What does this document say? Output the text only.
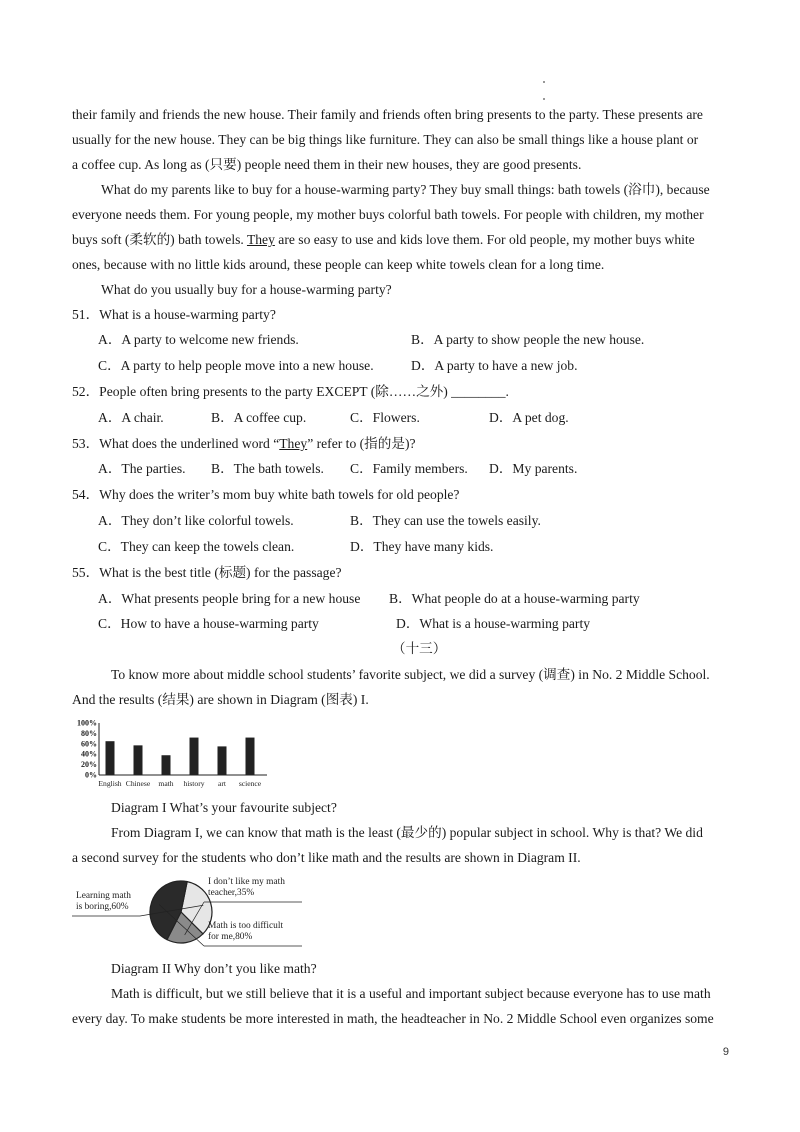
their family and friends the new house. Their family and friends often bring presents to the party. These presents are
usually for the new house. They can be big things like furniture. They can also be small things like a house plant or
a coffee cup. As long as (只要) people need them in their new houses, they are good presents.
What do my parents like to buy for a house-warming party? They buy small things: bath towels (浴巾), because
everyone needs them. For young people, my mother buys colorful bath towels. For people with children, my mother
buys soft (柔软的) bath towels. They are so easy to use and kids love them. For old people, my mother buys white
ones, because with no little kids around, these people can keep white towels clean for a long time.
What do you usually buy for a house-warming party?
51．What is a house-warming party?
A．A party to welcome new friends.	B．A party to show people the new house.
C．A party to help people move into a new house.	D．A party to have a new job.
52．People often bring presents to the party EXCEPT (除……之外) ________.
A．A chair.	B．A coffee cup.	C．Flowers.	D．A pet dog.
53．What does the underlined word “They” refer to (指的是)?
A．The parties. B．The bath towels. C．Family members. D．My parents.
54．Why does the writer’s mom buy white bath towels for old people?
A．They don’t like colorful towels.	B．They can use the towels easily.
C．They can keep the towels clean.	D．They have many kids.
55．What is the best title (标题) for the passage?
A．What presents people bring for a new house B．What people do at a house-warming party
C．How to have a house-warming party	D．What is a house-warming party
（十三）
To know more about middle school students’ favorite subject, we did a survey (调查) in No. 2 Middle School.
And the results (结果) are shown in Diagram (图表) I.
100%
80%
60%
40%
20%
0%
English Chinese math history art science
Diagram I What’s your favourite subject?
From Diagram I, we can know that math is the least (最少的) popular subject in school. Why is that? We did
a second survey for the students who don’t like math and the results are shown in Diagram II.
Learning math
is boring,60%
I don’t like my math
teacher,35%
Math is too difficult
for me,80%
Diagram II Why don’t you like math?
Math is difficult, but we still believe that it is a useful and important subject because everyone has to use math
every day. To make students be more interested in math, the headteacher in No. 2 Middle School even organizes some
9
